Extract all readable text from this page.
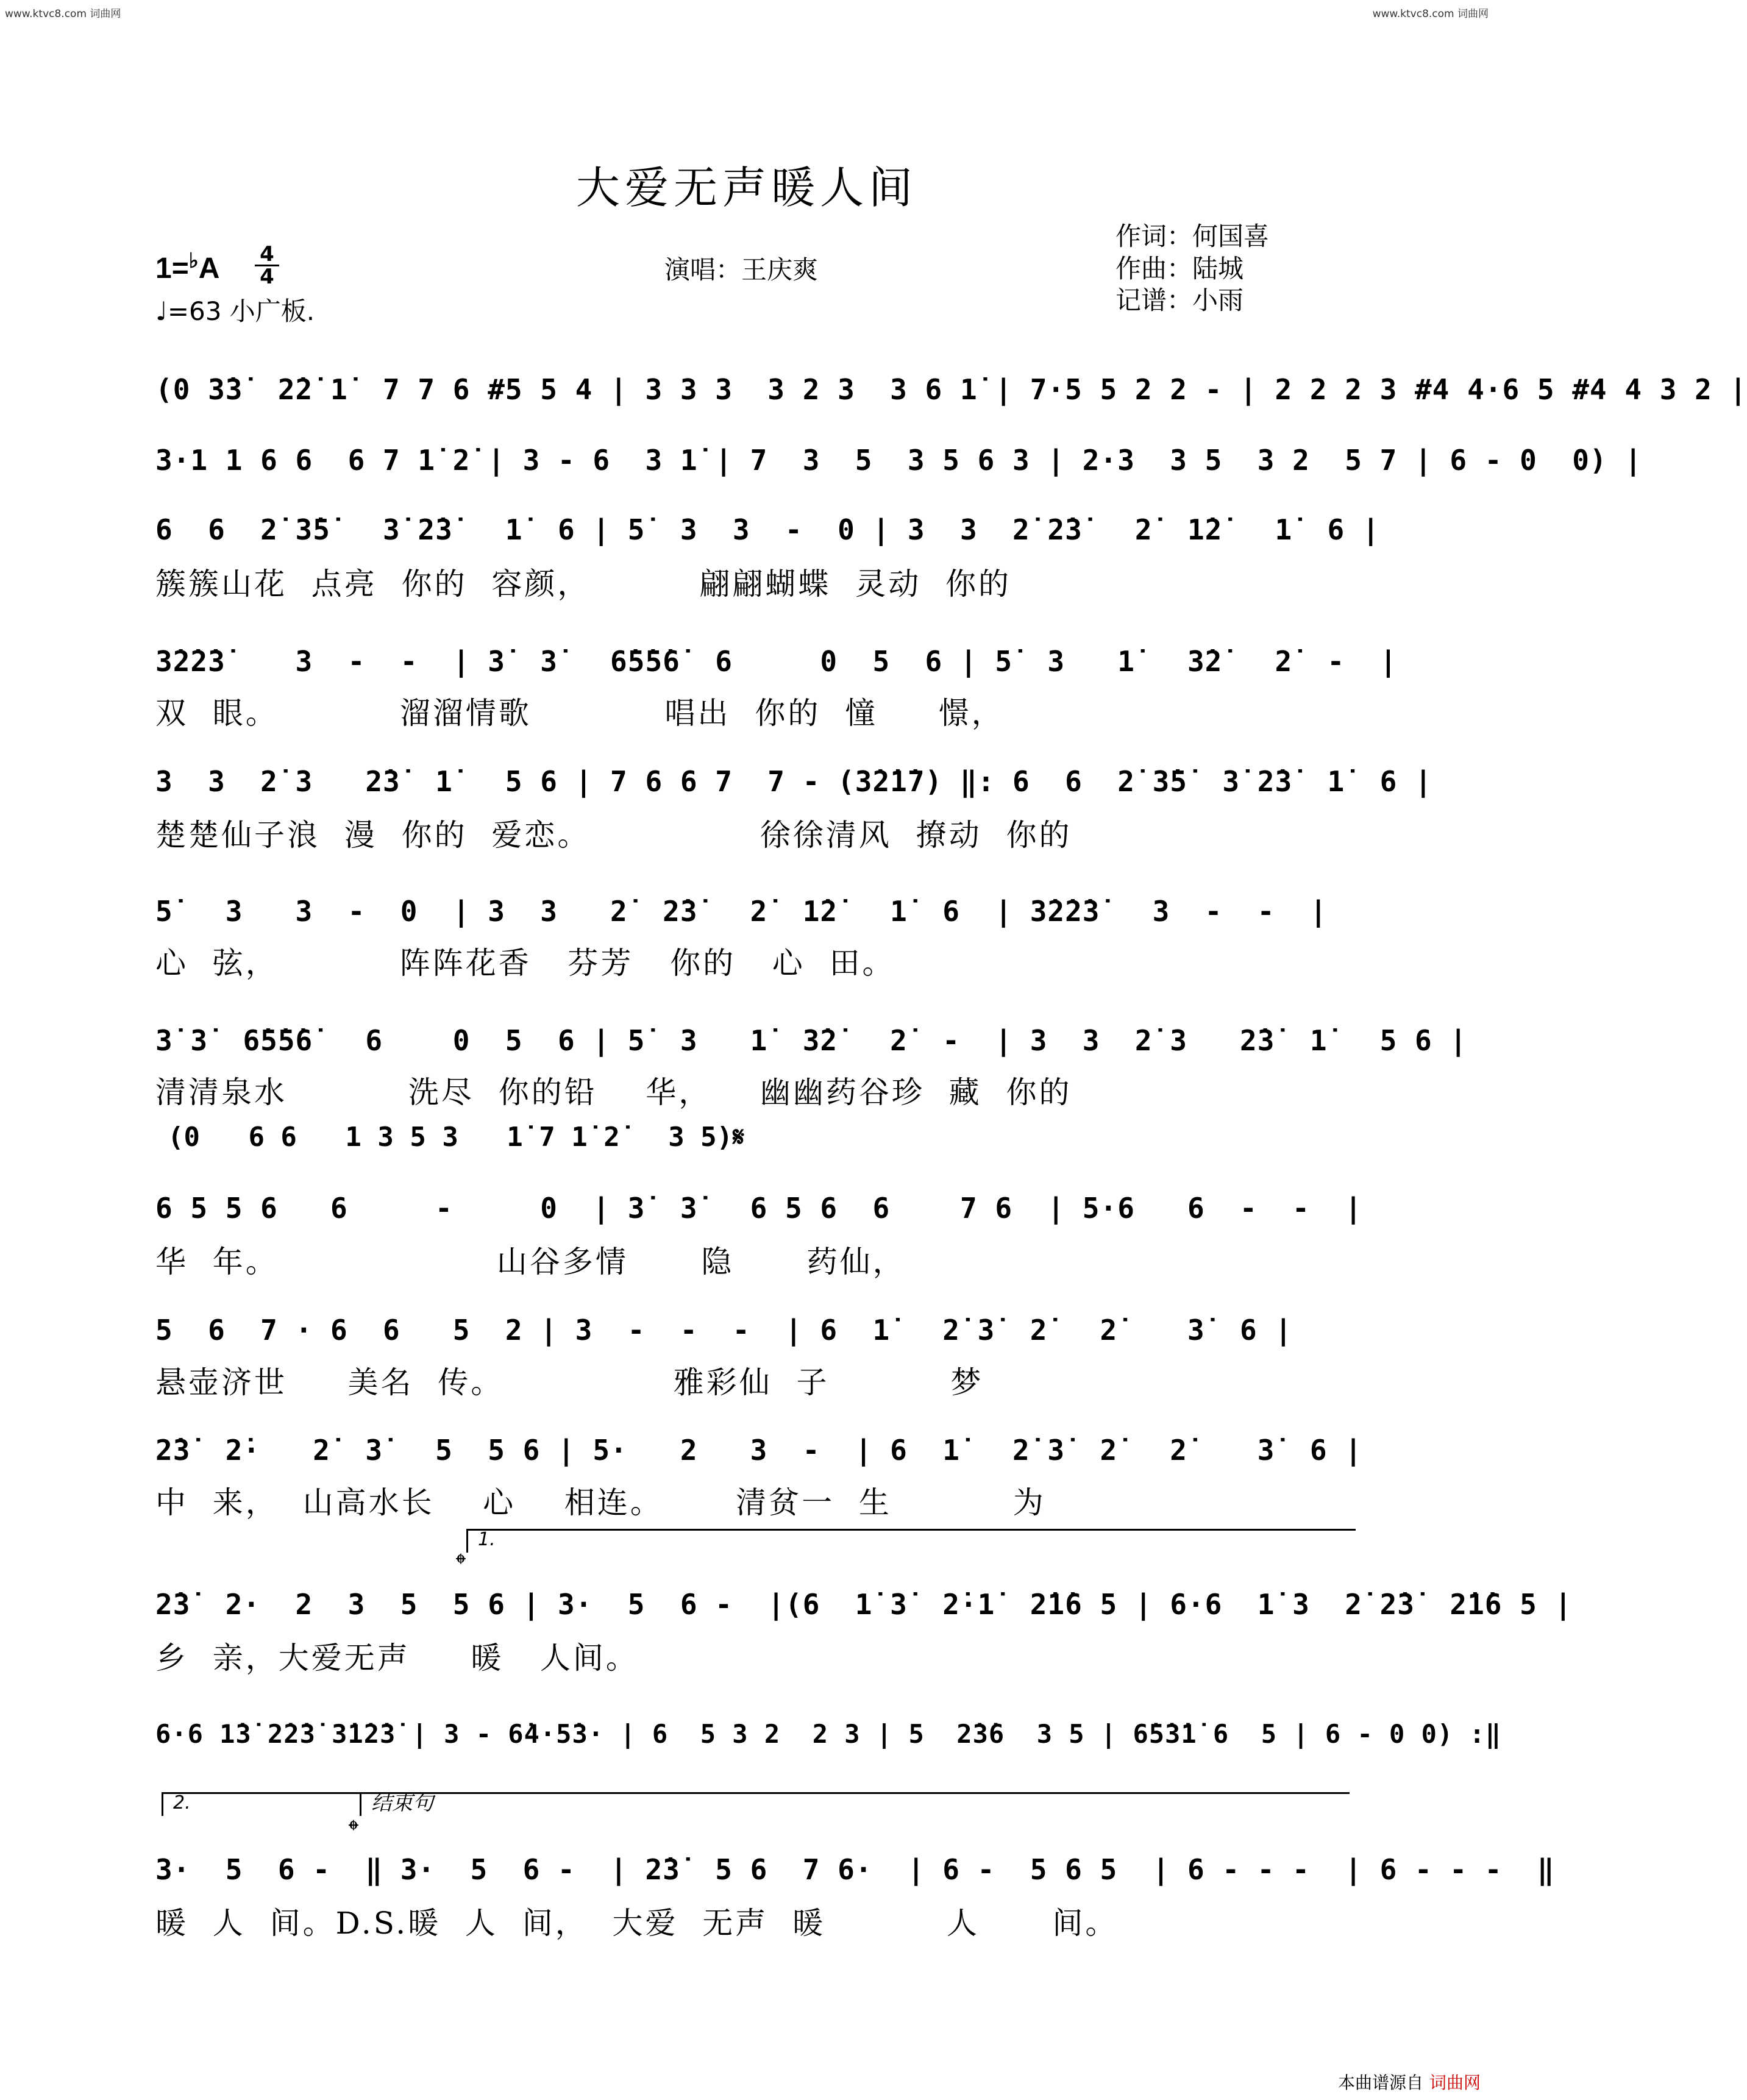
www.ktvc8.com 词曲网	www.ktvc8.com 词曲网
大爱无声暖人间
作词：何国喜
作曲：陆城
记谱：小雨
演唱：王庆爽
$1=^♭A \frac{4}{4}$
♩=63 小广板.
(0 3̇3̇  2̇2̇ 1̇  7 7 6 #5 5 4 | 3 3 3  3 2 3  3 6 1̇ | 7·5 5 2 2 - | 2 2 2 3 #4 4·6 5 #4 4 3 2 |
3·1 1 6 6  6 7 1̇ 2̇ | 3 - 6  3 1̇ | 7  3  5  3 5 6 3 | 2·3  3 5  3 2  5 7 | 6 - 0  0) |
6  6  2̇ 3̇5̇   3̇ 2̇3̇   1̇  6 | 5̇  3  3  -  0 | 3  3  2̇ 2̇3̇   2̇  1̇2̇   1̇  6 |
簇簇山花  点亮  你的  容颜，         翩翩蝴蝶  灵动  你的
3̇2̇2̇3̇    3  -  -  | 3̇  3̇   6̇5̇5̇6̇  6     0  5  6 | 5̇  3   1̇   3̇2̇   2̇  -  |
双  眼。          溜溜情歌           唱出  你的  憧     憬，
3  3  2̇ 3   2̇3̇  1̇   5 6 | 7 6 6 7  7 - (3̇2̇1̇7) ‖: 6  6  2̇ 3̇5̇  3̇ 2̇3̇  1̇  6 |
楚楚仙子浪  漫  你的  爱恋。              徐徐清风  撩动  你的
5̇   3   3  -  0  | 3  3   2̇  2̇3̇   2̇  1̇2̇   1̇  6  | 3̇2̇2̇3̇   3  -  -  |
心  弦，          阵阵花香   芬芳   你的   心  田。
3̇ 3̇  6̇5̇5̇6̇   6    0  5  6 | 5̇  3   1̇  3̇2̇   2̇  -  | 3  3  2̇ 3   2̇3̇  1̇   5 6 |
清清泉水          洗尽  你的铅    华，    幽幽药谷珍  藏  你的
(0   6 6   1 3 5 3   1̇ 7 1̇ 2̇   3 5)𝄋
6 5 5 6   6     -     0  | 3̇  3̇   6 5 6  6    7 6  | 5·6   6  -  -  |
华  年。                  山谷多情      隐      药仙，
5  6  7 · 6  6   5  2 | 3  -  -  -  | 6  1̇   2̇ 3̇  2̇   2̇    3̇  6 |
悬壶济世     美名  传。              雅彩仙  子          梦
2̇3̇  2̇·   2̇  3̇   5  5 6 | 5·   2   3  -  | 6  1̇   2̇ 3̇  2̇   2̇    3̇  6 |
中  来，  山高水长    心    相连。      清贫一  生          为
1.
𝄌
2̇3̇  2·  2  3  5  5 6 | 3·  5  6 -  |(6  1̇ 3̇  2̇·1̇  2̇1̇6 5 | 6·6  1̇ 3  2̇ 2̇3̇  2̇1̇6 5 |
乡  亲，大爱无声     暖   人间。
6·6 1̇3̇ 2̇2̇3̇ 3̇1̇2̇3̇ | 3 - 6̇4·5̇3· | 6  5 3 2  2 3 | 5  2̇3̇6  3 5 | 6̇5̇3̇1̇ 6  5 | 6 - 0 0) :‖
2.	结束句
𝄌
3·  5  6 -  ‖ 3·  5  6 -  | 2̇3̇  5 6  7 6·  | 6 -  5 6 5  | 6 - - -  | 6 - - -  ‖
暖  人  间。D.S.暖  人  间，  大爱  无声  暖          人      间。
本曲谱源自 词曲网
